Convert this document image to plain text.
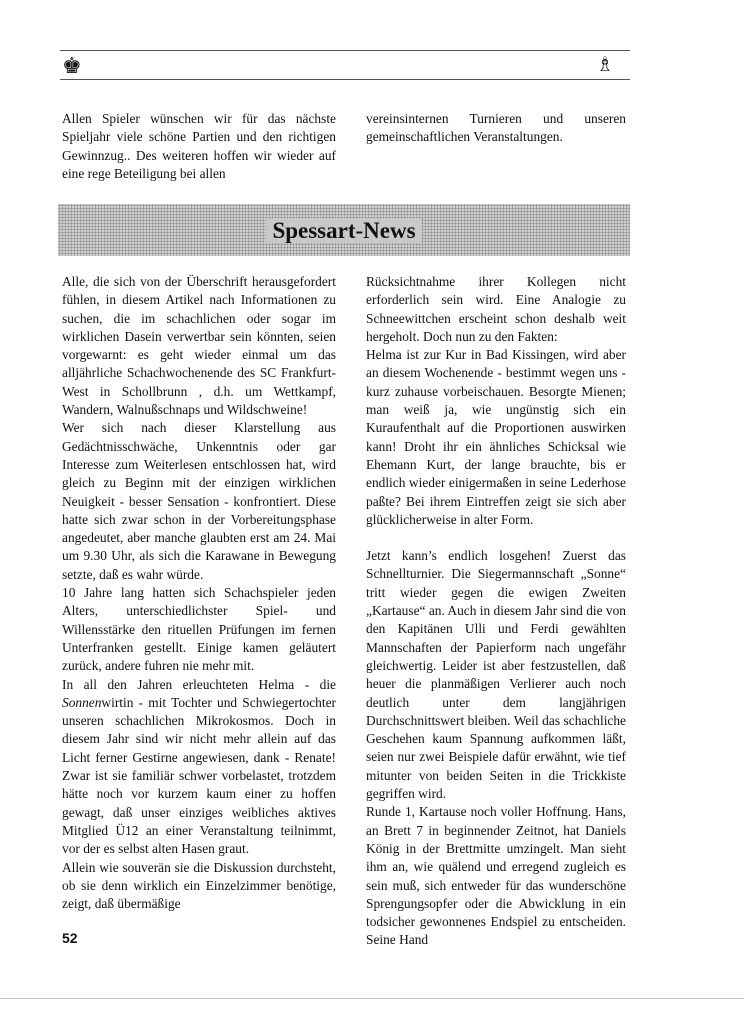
♚	♗

Allen Spieler wünschen wir für das nächste Spieljahr viele schöne Partien und den richtigen Gewinnzug.. Des weiteren hoffen wir wieder auf eine rege Beteiligung bei allen

vereinsinternen Turnieren und unseren gemeinschaftlichen Veranstaltungen.

Spessart-News

Alle, die sich von der Überschrift herausgefordert fühlen, in diesem Artikel nach Informationen zu suchen, die im schachlichen oder sogar im wirklichen Dasein verwertbar sein könnten, seien vorgewarnt: es geht wieder einmal um das alljährliche Schachwochenende des SC Frankfurt-West in Schollbrunn , d.h. um Wettkampf, Wandern, Walnußschnaps und Wildschweine!

Wer sich nach dieser Klarstellung aus Gedächtnisschwäche, Unkenntnis oder gar Interesse zum Weiterlesen entschlossen hat, wird gleich zu Beginn mit der einzigen wirklichen Neuigkeit - besser Sensation - konfrontiert. Diese hatte sich zwar schon in der Vorbereitungsphase angedeutet, aber manche glaubten erst am 24. Mai um 9.30 Uhr, als sich die Karawane in Bewegung setzte, daß es wahr würde.

10 Jahre lang hatten sich Schachspieler jeden Alters, unterschiedlichster Spiel- und Willensstärke den rituellen Prüfungen im fernen Unterfranken gestellt. Einige kamen geläutert zurück, andere fuhren nie mehr mit.

In all den Jahren erleuchteten Helma - die Sonnenwirtin - mit Tochter und Schwiegertochter unseren schachlichen Mikrokosmos. Doch in diesem Jahr sind wir nicht mehr allein auf das Licht ferner Gestirne angewiesen, dank - Renate! Zwar ist sie familiär schwer vorbelastet, trotzdem hätte noch vor kurzem kaum einer zu hoffen gewagt, daß unser einziges weibliches aktives Mitglied Ü12 an einer Veranstaltung teilnimmt, vor der es selbst alten Hasen graut.

Allein wie souverän sie die Diskussion durchsteht, ob sie denn wirklich ein Einzelzimmer benötige, zeigt, daß übermäßige

Rücksichtnahme ihrer Kollegen nicht erforderlich sein wird. Eine Analogie zu Schneewittchen erscheint schon deshalb weit hergeholt. Doch nun zu den Fakten:

Helma ist zur Kur in Bad Kissingen, wird aber an diesem Wochenende - bestimmt wegen uns - kurz zuhause vorbeischauen. Besorgte Mienen; man weiß ja, wie ungünstig sich ein Kuraufenthalt auf die Proportionen auswirken kann! Droht ihr ein ähnliches Schicksal wie Ehemann Kurt, der lange brauchte, bis er endlich wieder einigermaßen in seine Lederhose paßte? Bei ihrem Eintreffen zeigt sie sich aber glücklicherweise in alter Form.

Jetzt kann’s endlich losgehen! Zuerst das Schnellturnier. Die Siegermannschaft „Sonne“ tritt wieder gegen die ewigen Zweiten „Kartause“ an. Auch in diesem Jahr sind die von den Kapitänen Ulli und Ferdi gewählten Mannschaften der Papierform nach ungefähr gleichwertig. Leider ist aber festzustellen, daß heuer die planmäßigen Verlierer auch noch deutlich unter dem langjährigen Durchschnittswert bleiben. Weil das schachliche Geschehen kaum Spannung aufkommen läßt, seien nur zwei Beispiele dafür erwähnt, wie tief mitunter von beiden Seiten in die Trickkiste gegriffen wird.

Runde 1, Kartause noch voller Hoffnung. Hans, an Brett 7 in beginnender Zeitnot, hat Daniels König in der Brettmitte umzingelt. Man sieht ihm an, wie quälend und erregend zugleich es sein muß, sich entweder für das wunderschöne Sprengungsopfer oder die Abwicklung in ein todsicher gewonnenes Endspiel zu entscheiden. Seine Hand

52
